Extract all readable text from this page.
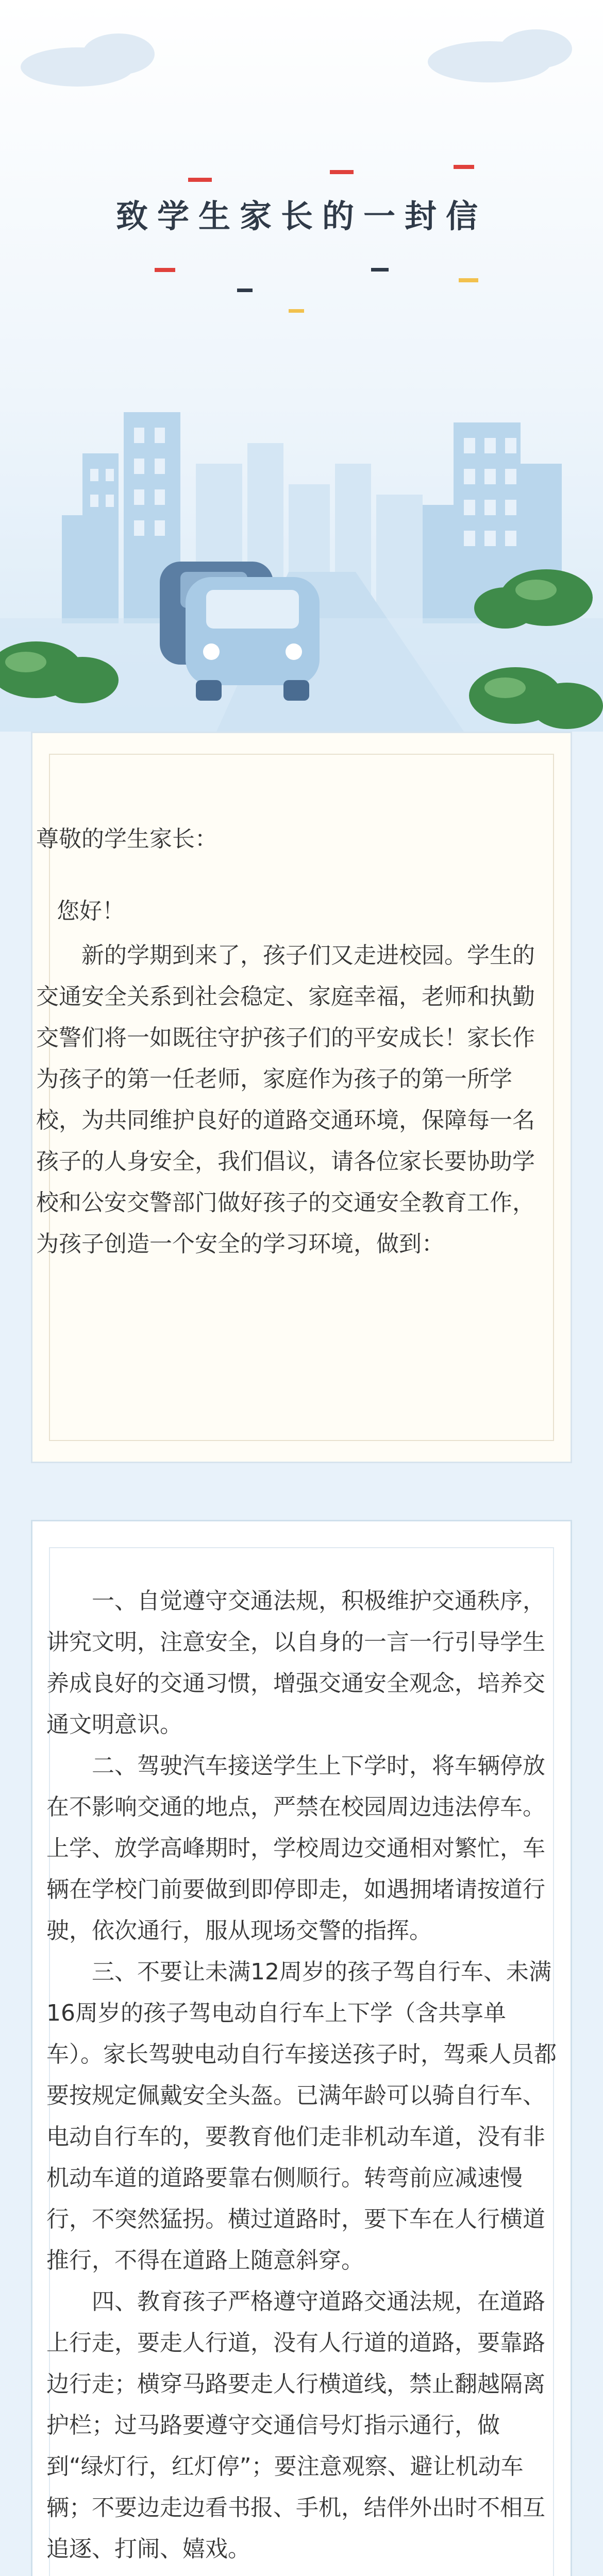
致学生家长的一封信
尊敬的学生家长：
您好！
新的学期到来了，孩子们又走进校园。学生的交通安全关系到社会稳定、家庭幸福，老师和执勤交警们将一如既往守护孩子们的平安成长！家长作为孩子的第一任老师，家庭作为孩子的第一所学校，为共同维护良好的道路交通环境，保障每一名孩子的人身安全，我们倡议，请各位家长要协助学校和公安交警部门做好孩子的交通安全教育工作，为孩子创造一个安全的学习环境，做到：

一、自觉遵守交通法规，积极维护交通秩序，讲究文明，注意安全，以自身的一言一行引导学生养成良好的交通习惯，增强交通安全观念，培养交通文明意识。

二、驾驶汽车接送学生上下学时，将车辆停放在不影响交通的地点，严禁在校园周边违法停车。上学、放学高峰期时，学校周边交通相对繁忙，车辆在学校门前要做到即停即走，如遇拥堵请按道行驶，依次通行，服从现场交警的指挥。

三、不要让未满12周岁的孩子驾自行车、未满16周岁的孩子驾电动自行车上下学（含共享单车）。家长驾驶电动自行车接送孩子时，驾乘人员都要按规定佩戴安全头盔。已满年龄可以骑自行车、电动自行车的，要教育他们走非机动车道，没有非机动车道的道路要靠右侧顺行。转弯前应减速慢行，不突然猛拐。横过道路时，要下车在人行横道推行，不得在道路上随意斜穿。

四、教育孩子严格遵守道路交通法规，在道路上行走，要走人行道，没有人行道的道路，要靠路边行走；横穿马路要走人行横道线，禁止翻越隔离护栏；过马路要遵守交通信号灯指示通行，做到“绿灯行，红灯停”；要注意观察、避让机动车辆；不要边走边看书报、手机，结伴外出时不相互追逐、打闹、嬉戏。
